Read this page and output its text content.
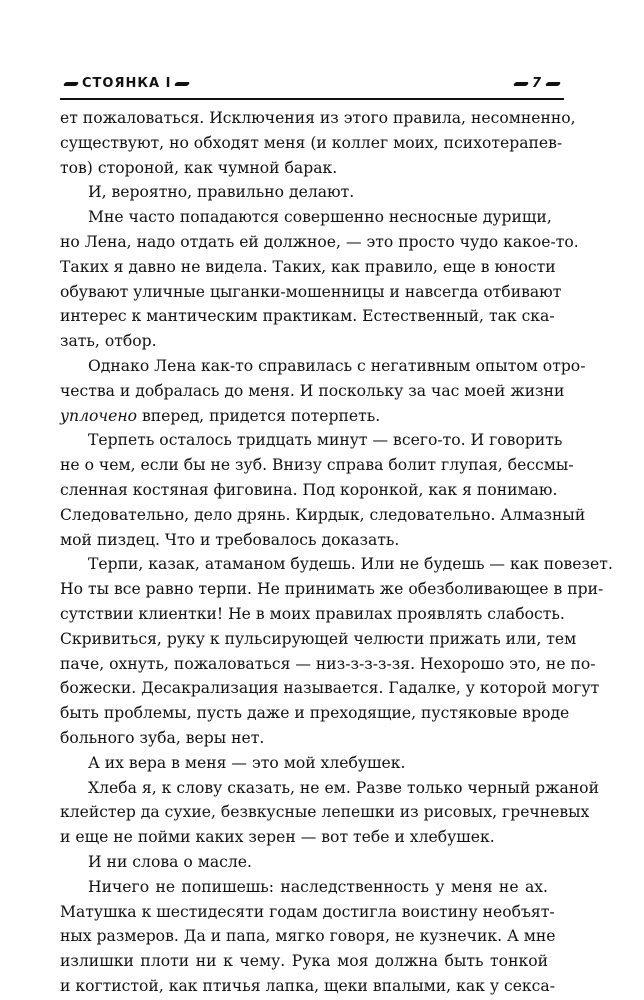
СТОЯНКА I	7

ет пожаловаться. Исключения из этого правила, несомненно,

существуют, но обходят меня (и коллег моих, психотерапев-

тов) стороной, как чумной барак.

И, вероятно, правильно делают.

Мне часто попадаются совершенно несносные дурищи,

но Лена, надо отдать ей должное, — это просто чудо какое-то.

Таких я давно не видела. Таких, как правило, еще в юности

обувают уличные цыганки-мошенницы и навсегда отбивают

интерес к мантическим практикам. Естественный, так ска-

зать, отбор.

Однако Лена как-то справилась с негативным опытом отро-

чества и добралась до меня. И поскольку за час моей жизни

уплочено вперед, придется потерпеть.

Терпеть осталось тридцать минут — всего-то. И говорить

не о чем, если бы не зуб. Внизу справа болит глупая, бессмы-

сленная костяная фиговина. Под коронкой, как я понимаю.

Следовательно, дело дрянь. Кирдык, следовательно. Алмазный

мой пиздец. Что и требовалось доказать.

Терпи, казак, атаманом будешь. Или не будешь — как повезет.

Но ты все равно терпи. Не принимать же обезболивающее в при-

сутствии клиентки! Не в моих правилах проявлять слабость.

Скривиться, руку к пульсирующей челюсти прижать или, тем

паче, охнуть, пожаловаться — низ-з-з-з-зя. Нехорошо это, не по-

божески. Десакрализация называется. Гадалке, у которой могут

быть проблемы, пусть даже и преходящие, пустяковые вроде

больного зуба, веры нет.

А их вера в меня — это мой хлебушек.

Хлеба я, к слову сказать, не ем. Разве только черный ржаной

клейстер да сухие, безвкусные лепешки из рисовых, гречневых

и еще не пойми каких зерен — вот тебе и хлебушек.

И ни слова о масле.

Ничего не попишешь: наследственность у меня не ах.

Матушка к шестидесяти годам достигла воистину необъят-

ных размеров. Да и папа, мягко говоря, не кузнечик. А мне

излишки плоти ни к чему. Рука моя должна быть тонкой

и когтистой, как птичья лапка, щеки впалыми, как у секса-
